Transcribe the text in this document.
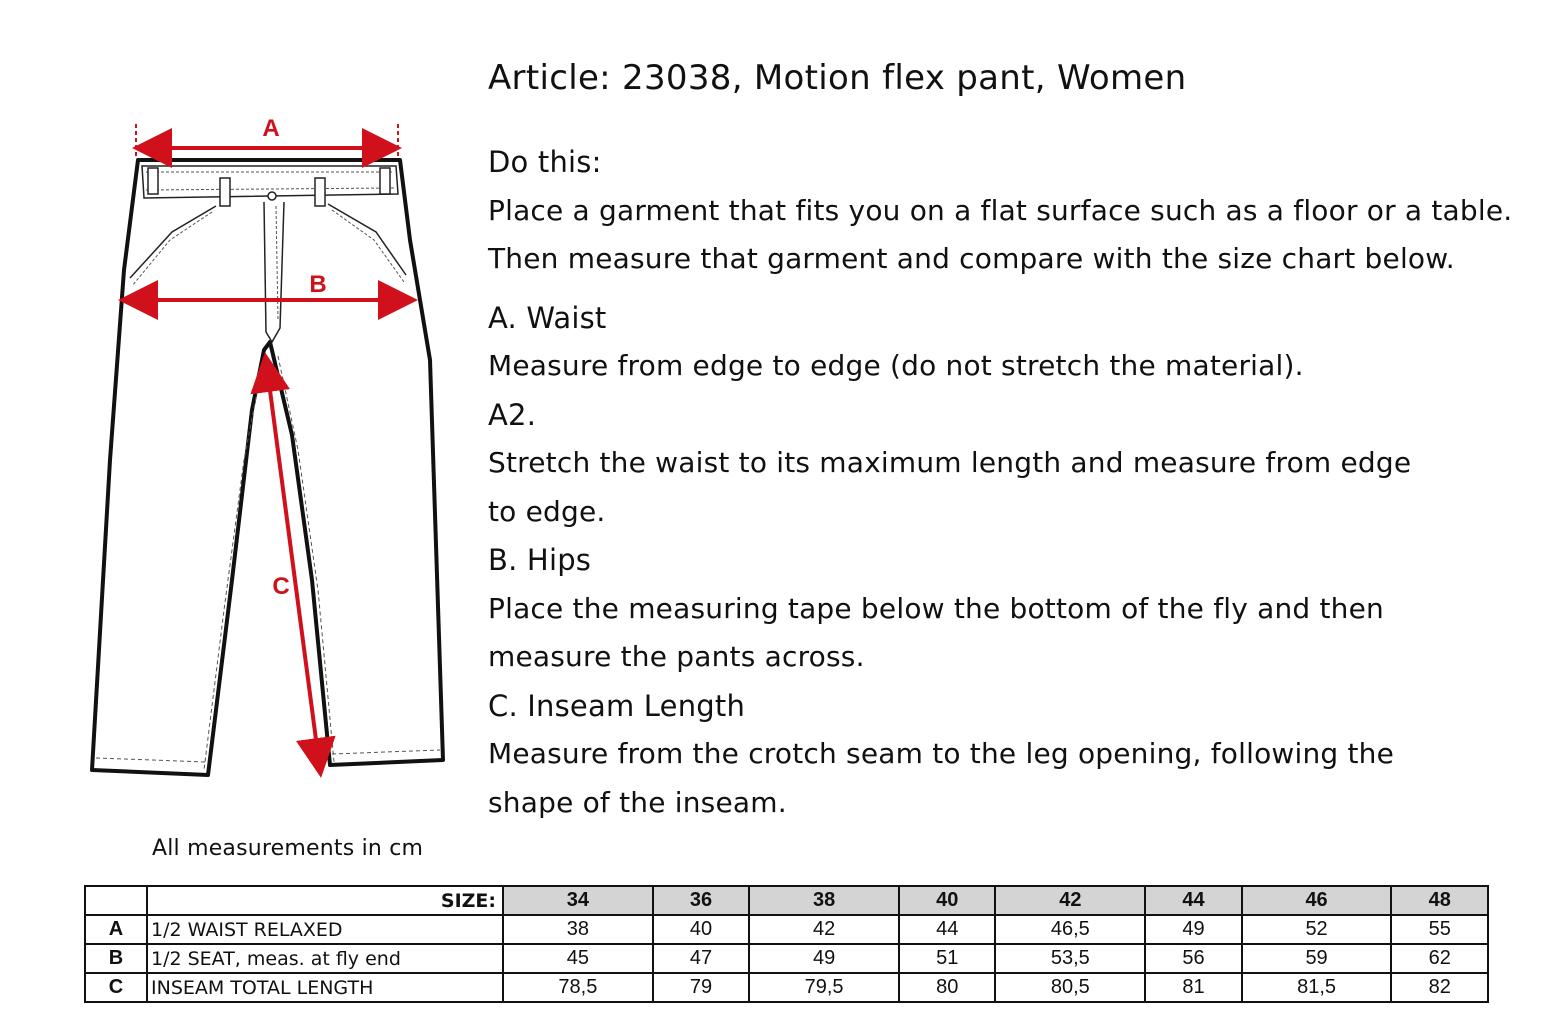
A
B
C
All measurements in cm
Article: 23038, Motion flex pant, Women

Do this:

Place a garment that fits you on a flat surface such as a floor or a table.

Then measure that garment and compare with the size chart below.

A. Waist

Measure from edge to edge (do not stretch the material).

A2.

Stretch the waist to its maximum length and measure from edge to edge.

B. Hips

Place the measuring tape below the bottom of the fly and then measure the pants across.

C. Inseam Length

Measure from the crotch seam to the leg opening, following the shape of the inseam.

	SIZE:	34	36	38	40	42	44	46	48
A	1/2 WAIST RELAXED	38	40	42	44	46,5	49	52	55
B	1/2 SEAT, meas. at fly end	45	47	49	51	53,5	56	59	62
C	INSEAM TOTAL LENGTH	78,5	79	79,5	80	80,5	81	81,5	82
